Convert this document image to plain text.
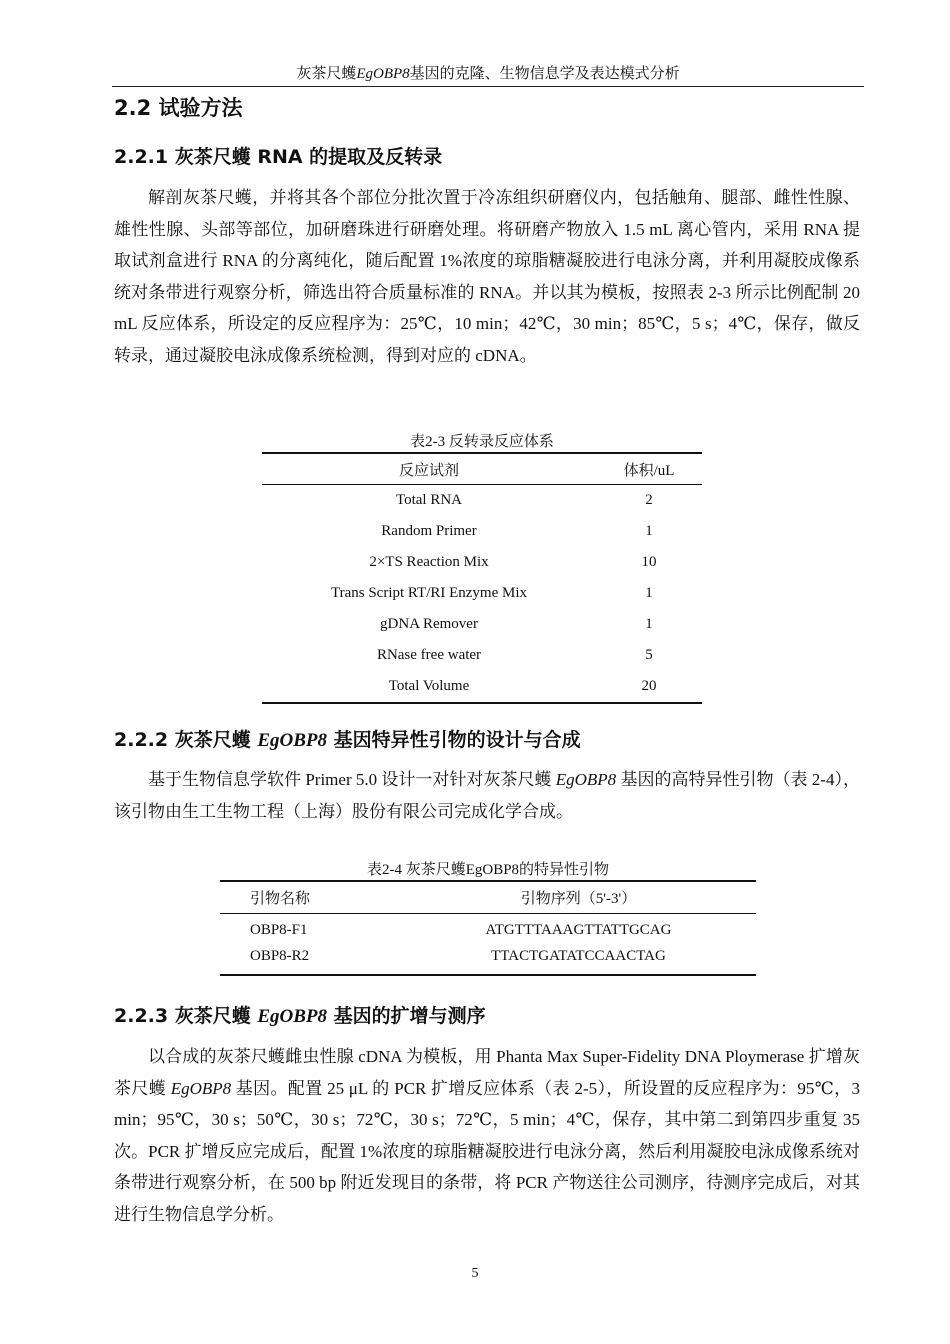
灰茶尺蠖EgOBP8基因的克隆、生物信息学及表达模式分析
2.2 试验方法
2.2.1 灰茶尺蠖 RNA 的提取及反转录

解剖灰茶尺蠖，并将其各个部位分批次置于冷冻组织研磨仪内，包括触角、腿部、雌性性腺、雄性性腺、头部等部位，加研磨珠进行研磨处理。将研磨产物放入 1.5 mL 离心管内，采用 RNA 提取试剂盒进行 RNA 的分离纯化，随后配置 1%浓度的琼脂糖凝胶进行电泳分离，并利用凝胶成像系统对条带进行观察分析，筛选出符合质量标准的 RNA。并以其为模板，按照表 2-3 所示比例配制 20 mL 反应体系，所设定的反应程序为：25℃，10 min；42℃，30 min；85℃，5 s；4℃，保存，做反转录，通过凝胶电泳成像系统检测，得到对应的 cDNA。

表2-3 反转录反应体系
反应试剂	体积/uL
Total RNA	2
Random Primer	1
2×TS Reaction Mix	10
Trans Script RT/RI Enzyme Mix	1
gDNA Remover	1
RNase free water	5
Total Volume	20
2.2.2 灰茶尺蠖 EgOBP8 基因特异性引物的设计与合成

基于生物信息学软件 Primer 5.0 设计一对针对灰茶尺蠖 EgOBP8 基因的高特异性引物（表 2-4），该引物由生工生物工程（上海）股份有限公司完成化学合成。

表2-4 灰茶尺蠖EgOBP8的特异性引物
引物名称	引物序列（5'-3'）
OBP8-F1	ATGTTTAAAGTTATTGCAG
OBP8-R2	TTACTGATATCCAACTAG
2.2.3 灰茶尺蠖 EgOBP8 基因的扩增与测序

以合成的灰茶尺蠖雌虫性腺 cDNA 为模板，用 Phanta Max Super-Fidelity DNA Ploymerase 扩增灰茶尺蠖 EgOBP8 基因。配置 25 μL 的 PCR 扩增反应体系（表 2-5），所设置的反应程序为：95℃，3 min；95℃，30 s；50℃，30 s；72℃，30 s；72℃，5 min；4℃，保存，其中第二到第四步重复 35 次。PCR 扩增反应完成后，配置 1%浓度的琼脂糖凝胶进行电泳分离，然后利用凝胶电泳成像系统对条带进行观察分析，在 500 bp 附近发现目的条带，将 PCR 产物送往公司测序，待测序完成后，对其进行生物信息学分析。

5
